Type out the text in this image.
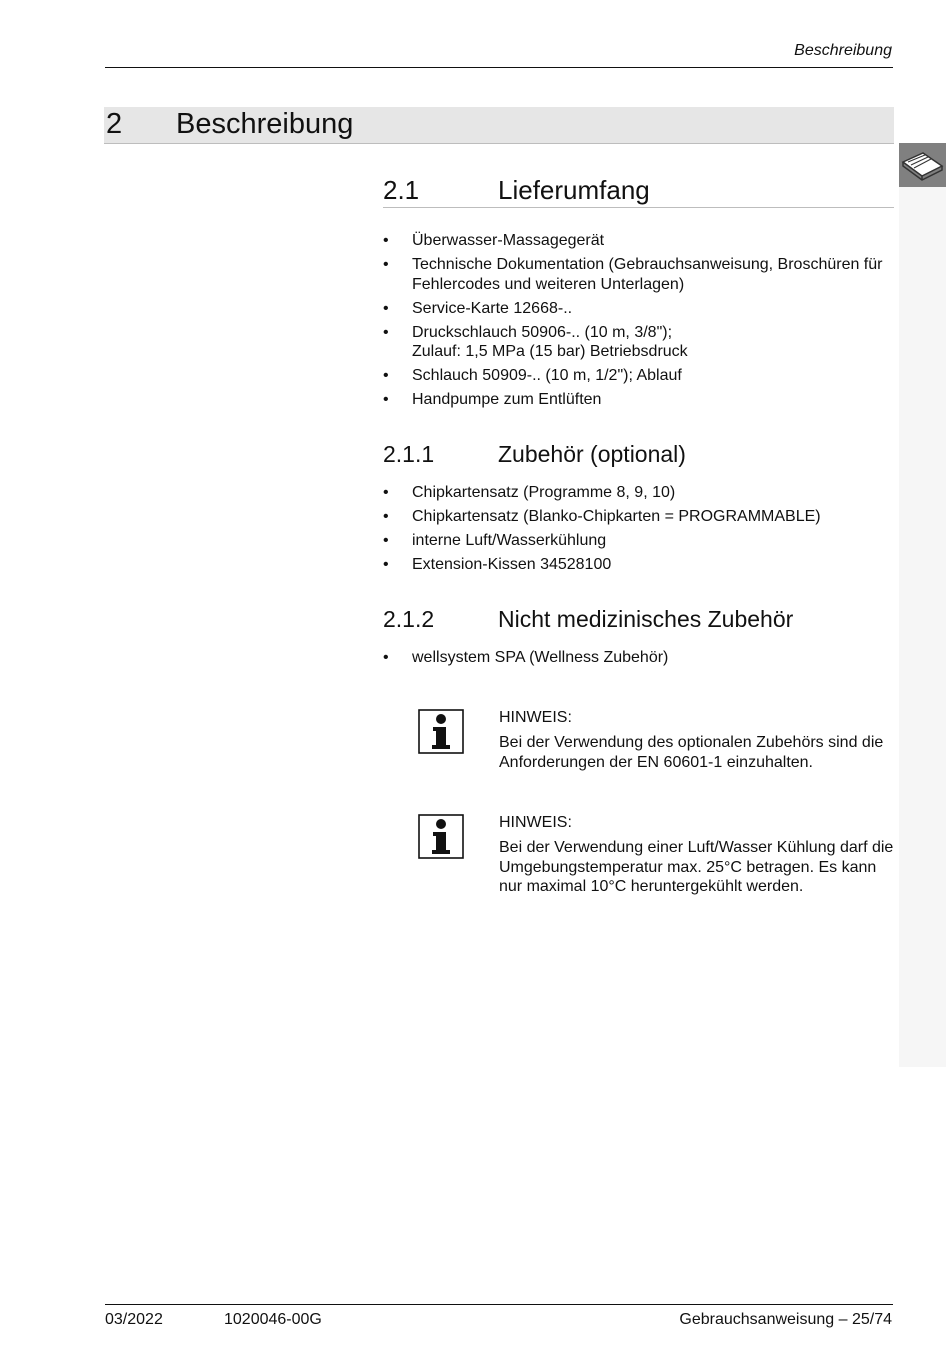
Beschreibung
2 Beschreibung
2.1	Lieferumfang
• Überwasser-Massagegerät
• Technische Dokumentation (Gebrauchsanweisung, Broschüren für Fehlercodes und weiteren Unterlagen)
• Service-Karte 12668-..
• Druckschlauch 50906-.. (10 m, 3/8");
Zulauf: 1,5 MPa (15 bar) Betriebsdruck
• Schlauch 50909-.. (10 m, 1/2"); Ablauf
• Handpumpe zum Entlüften
2.1.1	Zubehör (optional)
• Chipkartensatz (Programme 8, 9, 10)
• Chipkartensatz (Blanko-Chipkarten = PROGRAMMABLE)
• interne Luft/Wasserkühlung
• Extension-Kissen 34528100
2.1.2	Nicht medizinisches Zubehör
• wellsystem SPA (Wellness Zubehör)
HINWEIS:
Bei der Verwendung des optionalen Zubehörs sind die Anforderungen der EN 60601-1 einzuhalten.
HINWEIS:
Bei der Verwendung einer Luft/Wasser Kühlung darf die Umgebungstemperatur max. 25°C betragen. Es kann nur maximal 10°C heruntergekühlt werden.
03/2022	1020046-00G	Gebrauchsanweisung – 25/74
